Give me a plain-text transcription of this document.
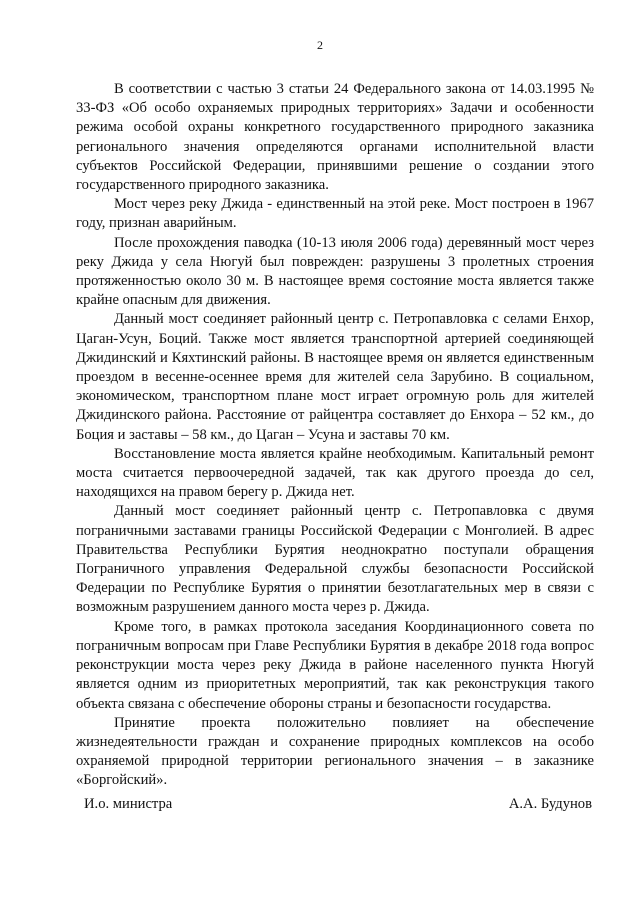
2

В соответствии с частью 3 статьи 24 Федерального закона от 14.03.1995 № 33-ФЗ «Об особо охраняемых природных территориях» Задачи и особенности режима особой охраны конкретного государственного природного заказника регионального значения определяются органами исполнительной власти субъектов Российской Федерации, принявшими решение о создании этого государственного природного заказника.

Мост через реку Джида - единственный на этой реке. Мост построен в 1967 году, признан аварийным.

После прохождения паводка (10-13 июля 2006 года) деревянный мост через реку Джида у села Нюгуй был поврежден: разрушены 3 пролетных строения протяженностью около 30 м. В настоящее время состояние моста является также крайне опасным для движения.

Данный мост соединяет районный центр с. Петропавловка с селами Енхор, Цаган-Усун, Боций. Также мост является транспортной артерией соединяющей Джидинский и Кяхтинский районы. В настоящее время он является единственным проездом в весенне-осеннее время для жителей села Зарубино. В социальном, экономическом, транспортном плане мост играет огромную роль для жителей Джидинского района. Расстояние от райцентра составляет до Енхора – 52 км., до Боция и заставы – 58 км., до Цаган – Усуна и заставы 70 км.

Восстановление моста является крайне необходимым. Капитальный ремонт моста считается первоочередной задачей, так как другого проезда до сел, находящихся на правом берегу р. Джида нет.

Данный мост соединяет районный центр с. Петропавловка с двумя пограничными заставами границы Российской Федерации с Монголией. В адрес Правительства Республики Бурятия неоднократно поступали обращения Пограничного управления Федеральной службы безопасности Российской Федерации по Республике Бурятия о принятии безотлагательных мер в связи с возможным разрушением данного моста через р. Джида.

Кроме того, в рамках протокола заседания Координационного совета по пограничным вопросам при Главе Республики Бурятия в декабре 2018 года вопрос реконструкции моста через реку Джида в районе населенного пункта Нюгуй является одним из приоритетных мероприятий, так как реконструкция такого объекта связана с обеспечение обороны страны и безопасности государства.

Принятие проекта положительно повлияет на обеспечение жизнедеятельности граждан и сохранение природных комплексов на особо охраняемой природной территории регионального значения – в заказнике «Боргойский».

И.о. министра	А.А. Будунов
